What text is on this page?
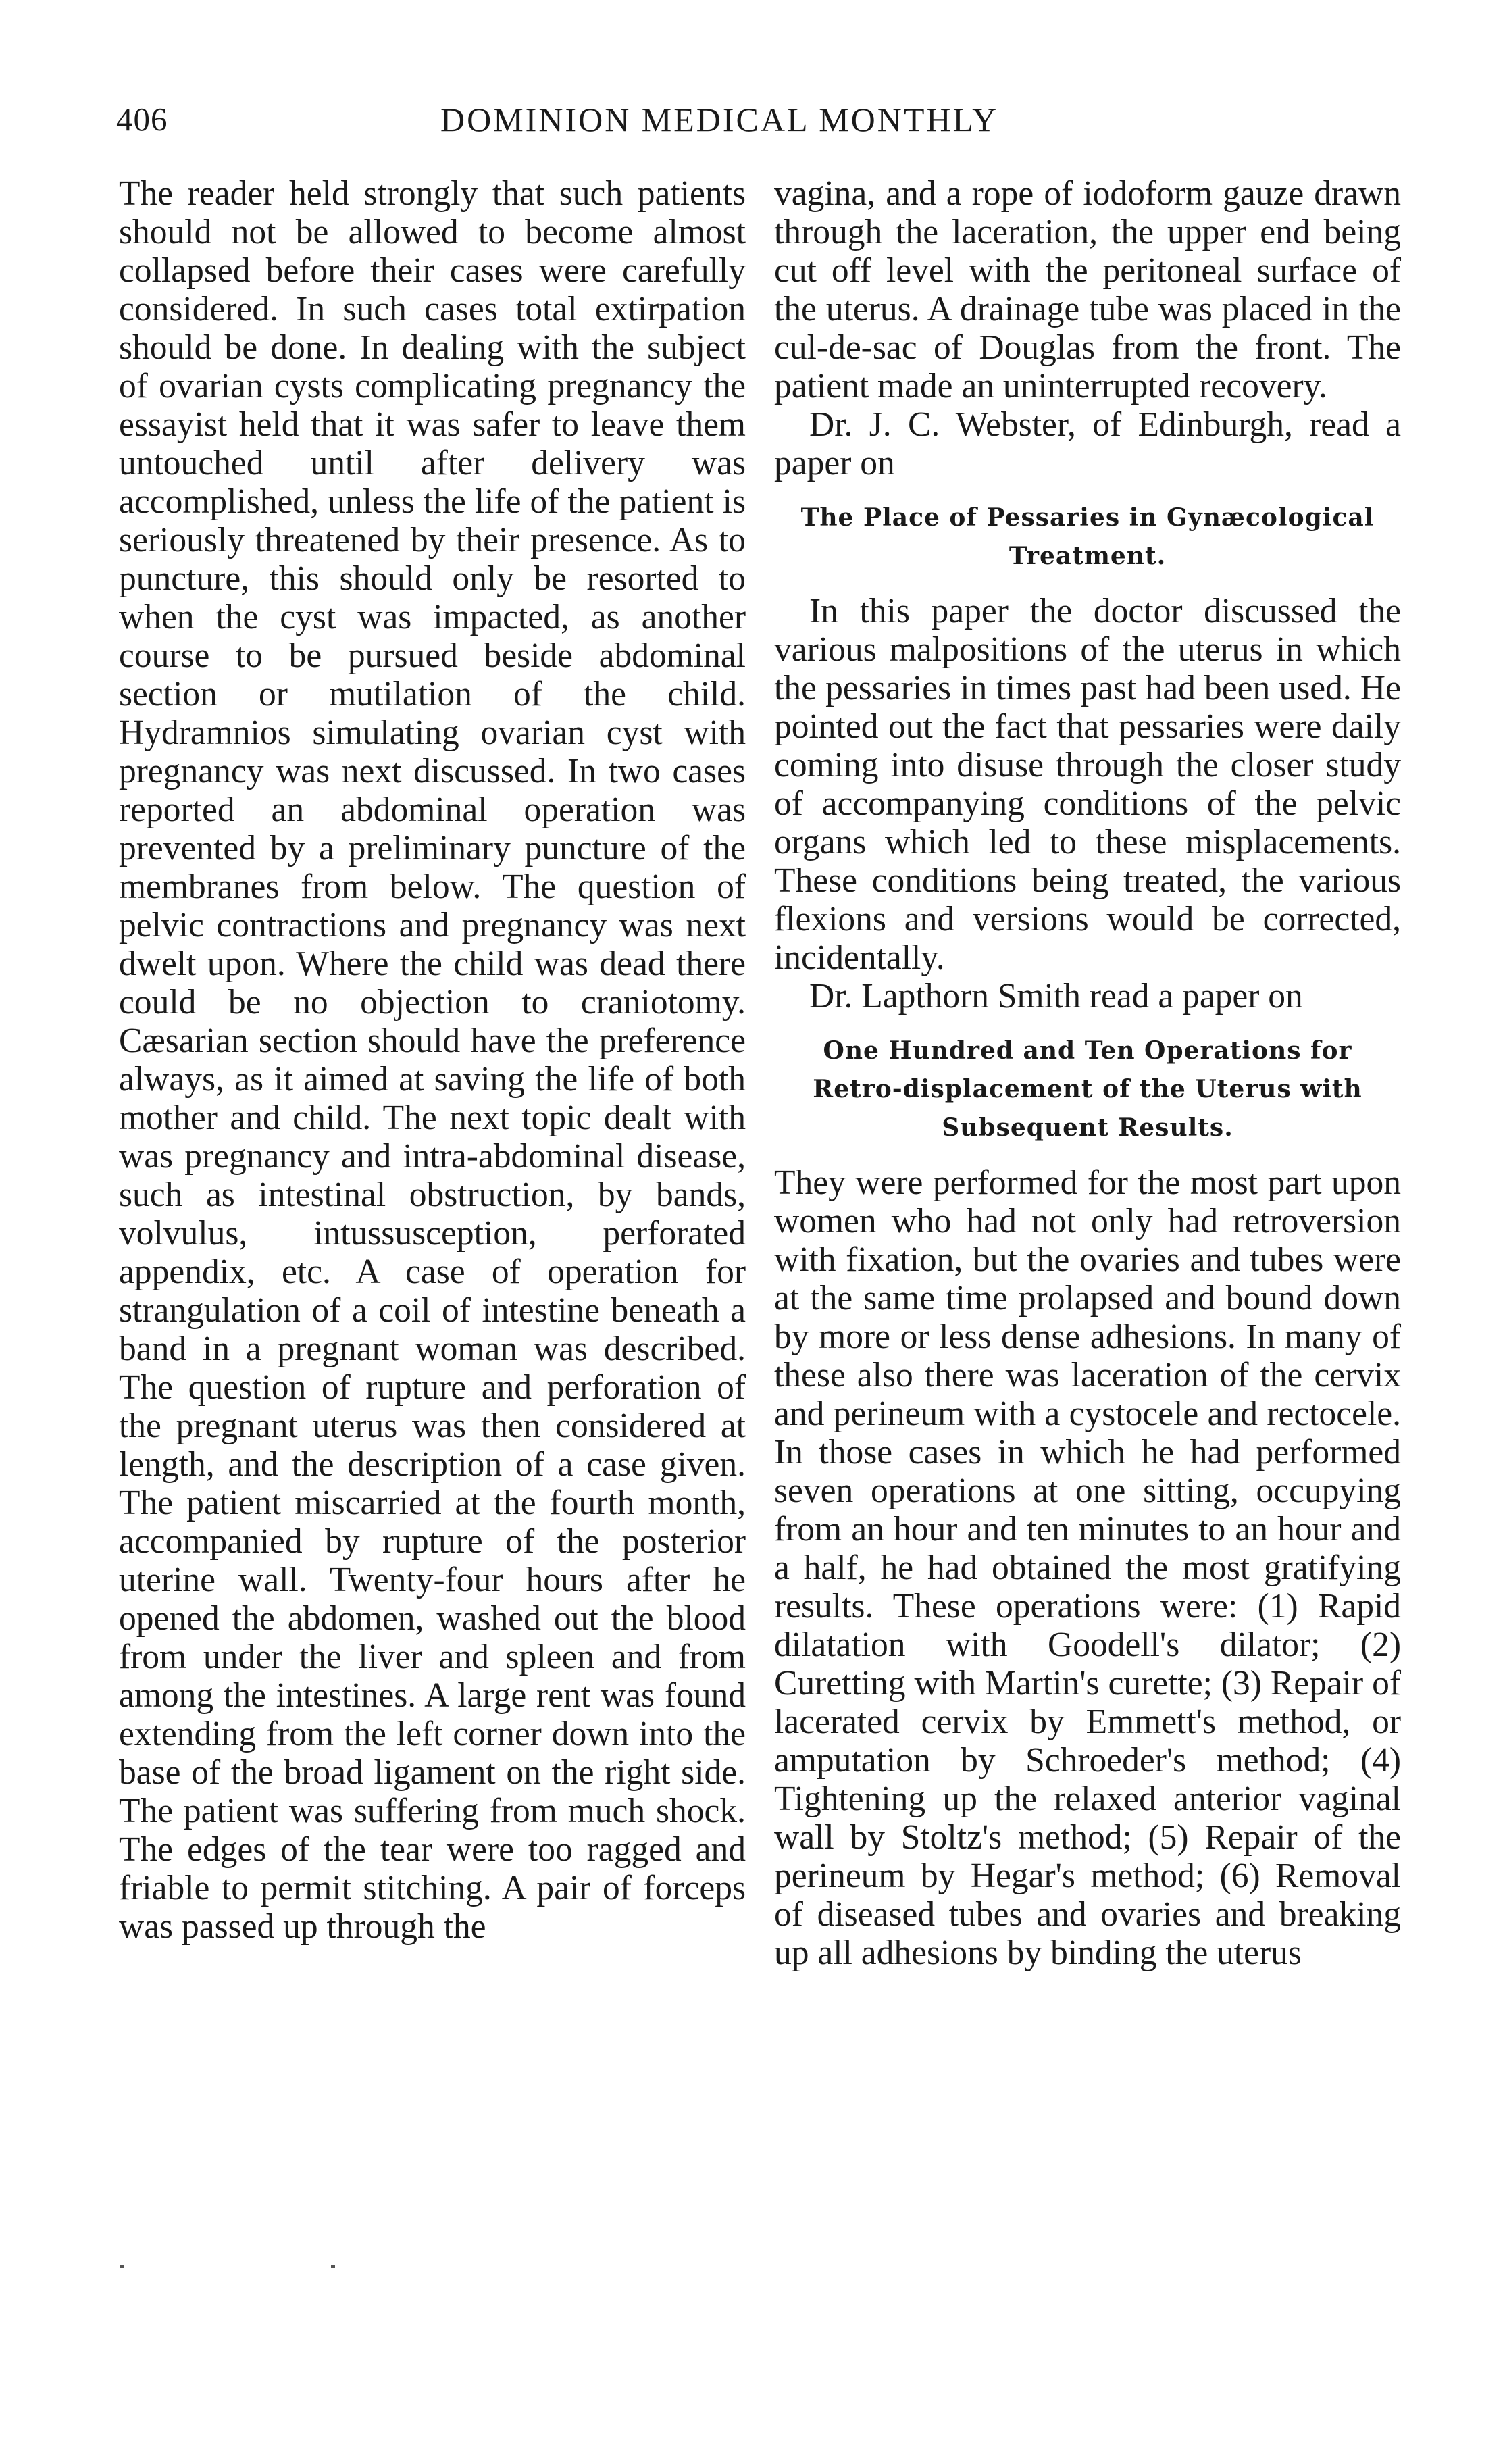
406	DOMINION MEDICAL MONTHLY

The reader held strongly that such patients should not be allowed to become almost collapsed before their cases were carefully considered. In such cases total extirpation should be done. In dealing with the subject of ovarian cysts complicating pregnancy the essayist held that it was safer to leave them untouched until after delivery was accomplished, unless the life of the patient is seriously threatened by their presence. As to puncture, this should only be resorted to when the cyst was impacted, as another course to be pursued beside abdominal section or mutilation of the child. Hydramnios simulating ovarian cyst with pregnancy was next discussed. In two cases reported an abdominal operation was prevented by a preliminary puncture of the membranes from below. The question of pelvic contractions and pregnancy was next dwelt upon. Where the child was dead there could be no objection to craniotomy. Cæsarian section should have the preference always, as it aimed at saving the life of both mother and child. The next topic dealt with was pregnancy and intra-abdominal disease, such as intestinal obstruction, by bands, volvulus, intussusception, perforated appendix, etc. A case of operation for strangulation of a coil of intestine beneath a band in a pregnant woman was described. The question of rupture and perforation of the pregnant uterus was then considered at length, and the description of a case given. The patient miscarried at the fourth month, accompanied by rupture of the posterior uterine wall. Twenty-four hours after he opened the abdomen, washed out the blood from under the liver and spleen and from among the intestines. A large rent was found extending from the left corner down into the base of the broad ligament on the right side. The patient was suffering from much shock. The edges of the tear were too ragged and friable to permit stitching. A pair of forceps was passed up through the

vagina, and a rope of iodoform gauze drawn through the laceration, the upper end being cut off level with the peritoneal surface of the uterus. A drainage tube was placed in the cul-de-sac of Douglas from the front. The patient made an uninterrupted recovery.

Dr. J. C. Webster, of Edinburgh, read a paper on

The Place of Pessaries in Gynæcological Treatment.

In this paper the doctor discussed the various malpositions of the uterus in which the pessaries in times past had been used. He pointed out the fact that pessaries were daily coming into disuse through the closer study of accompanying conditions of the pelvic organs which led to these misplacements. These conditions being treated, the various flexions and versions would be corrected, incidentally.

Dr. Lapthorn Smith read a paper on

One Hundred and Ten Operations for Retro-displacement of the Uterus with Subsequent Results.

They were performed for the most part upon women who had not only had retroversion with fixation, but the ovaries and tubes were at the same time prolapsed and bound down by more or less dense adhesions. In many of these also there was laceration of the cervix and perineum with a cystocele and rectocele. In those cases in which he had performed seven operations at one sitting, occupying from an hour and ten minutes to an hour and a half, he had obtained the most gratifying results. These operations were: (1) Rapid dilatation with Goodell's dilator; (2) Curetting with Martin's curette; (3) Repair of lacerated cervix by Emmett's method, or amputation by Schroeder's method; (4) Tightening up the relaxed anterior vaginal wall by Stoltz's method; (5) Repair of the perineum by Hegar's method; (6) Removal of diseased tubes and ovaries and breaking up all adhesions by binding the uterus
